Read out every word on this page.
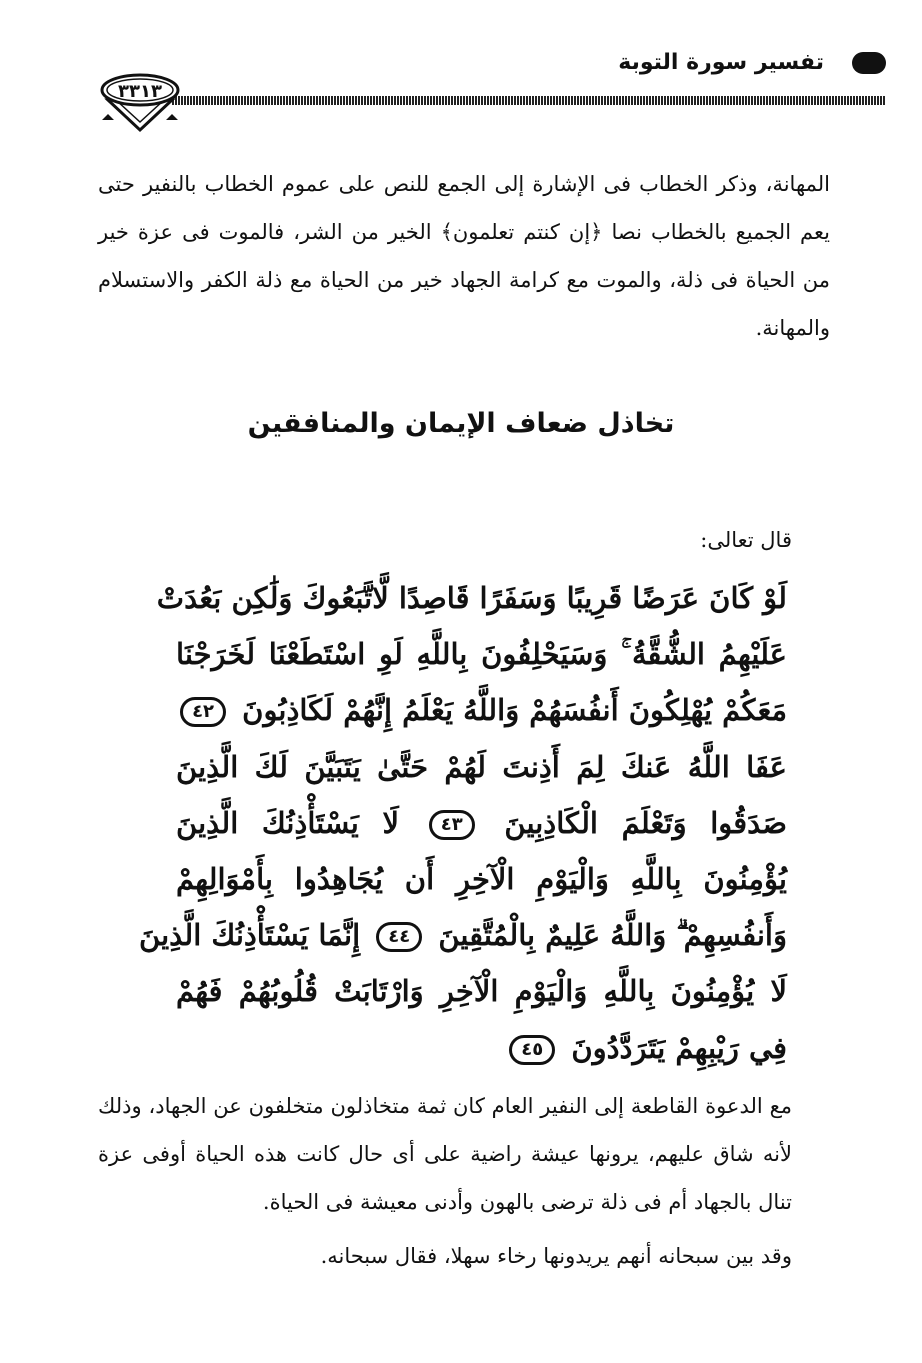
تفسير سورة التوبة
٣٣١٣
المهانة، وذكر الخطاب فى الإشارة إلى الجمع للنص على عموم الخطاب بالنفير حتى يعم الجميع بالخطاب نصا ﴿إن كنتم تعلمون﴾ الخير من الشر، فالموت فى عزة خير من الحياة فى ذلة، والموت مع كرامة الجهاد خير من الحياة مع ذلة الكفر والاستسلام والمهانة.
تخاذل ضعاف الإيمان والمنافقين
قال تعالى:
لَوْ كَانَ عَرَضًا قَرِيبًا وَسَفَرًا قَاصِدًا لَّاتَّبَعُوكَ وَلَٰكِن بَعُدَتْ
عَلَيْهِمُ الشُّقَّةُ ۚ وَسَيَحْلِفُونَ بِاللَّهِ لَوِ اسْتَطَعْنَا لَخَرَجْنَا
مَعَكُمْ يُهْلِكُونَ أَنفُسَهُمْ وَاللَّهُ يَعْلَمُ إِنَّهُمْ لَكَاذِبُونَ ٤٢
عَفَا اللَّهُ عَنكَ لِمَ أَذِنتَ لَهُمْ حَتَّىٰ يَتَبَيَّنَ لَكَ الَّذِينَ
صَدَقُوا وَتَعْلَمَ الْكَاذِبِينَ ٤٣ لَا يَسْتَأْذِنُكَ الَّذِينَ
يُؤْمِنُونَ بِاللَّهِ وَالْيَوْمِ الْآخِرِ أَن يُجَاهِدُوا بِأَمْوَالِهِمْ
وَأَنفُسِهِمْ ۗ وَاللَّهُ عَلِيمٌ بِالْمُتَّقِينَ ٤٤ إِنَّمَا يَسْتَأْذِنُكَ الَّذِينَ
لَا يُؤْمِنُونَ بِاللَّهِ وَالْيَوْمِ الْآخِرِ وَارْتَابَتْ قُلُوبُهُمْ فَهُمْ
فِي رَيْبِهِمْ يَتَرَدَّدُونَ ٤٥
مع الدعوة القاطعة إلى النفير العام كان ثمة متخاذلون متخلفون عن الجهاد، وذلك لأنه شاق عليهم، يرونها عيشة راضية على أى حال كانت هذه الحياة أوفى عزة تنال بالجهاد أم فى ذلة ترضى بالهون وأدنى معيشة فى الحياة.
وقد بين سبحانه أنهم يريدونها رخاء سهلا، فقال سبحانه.
